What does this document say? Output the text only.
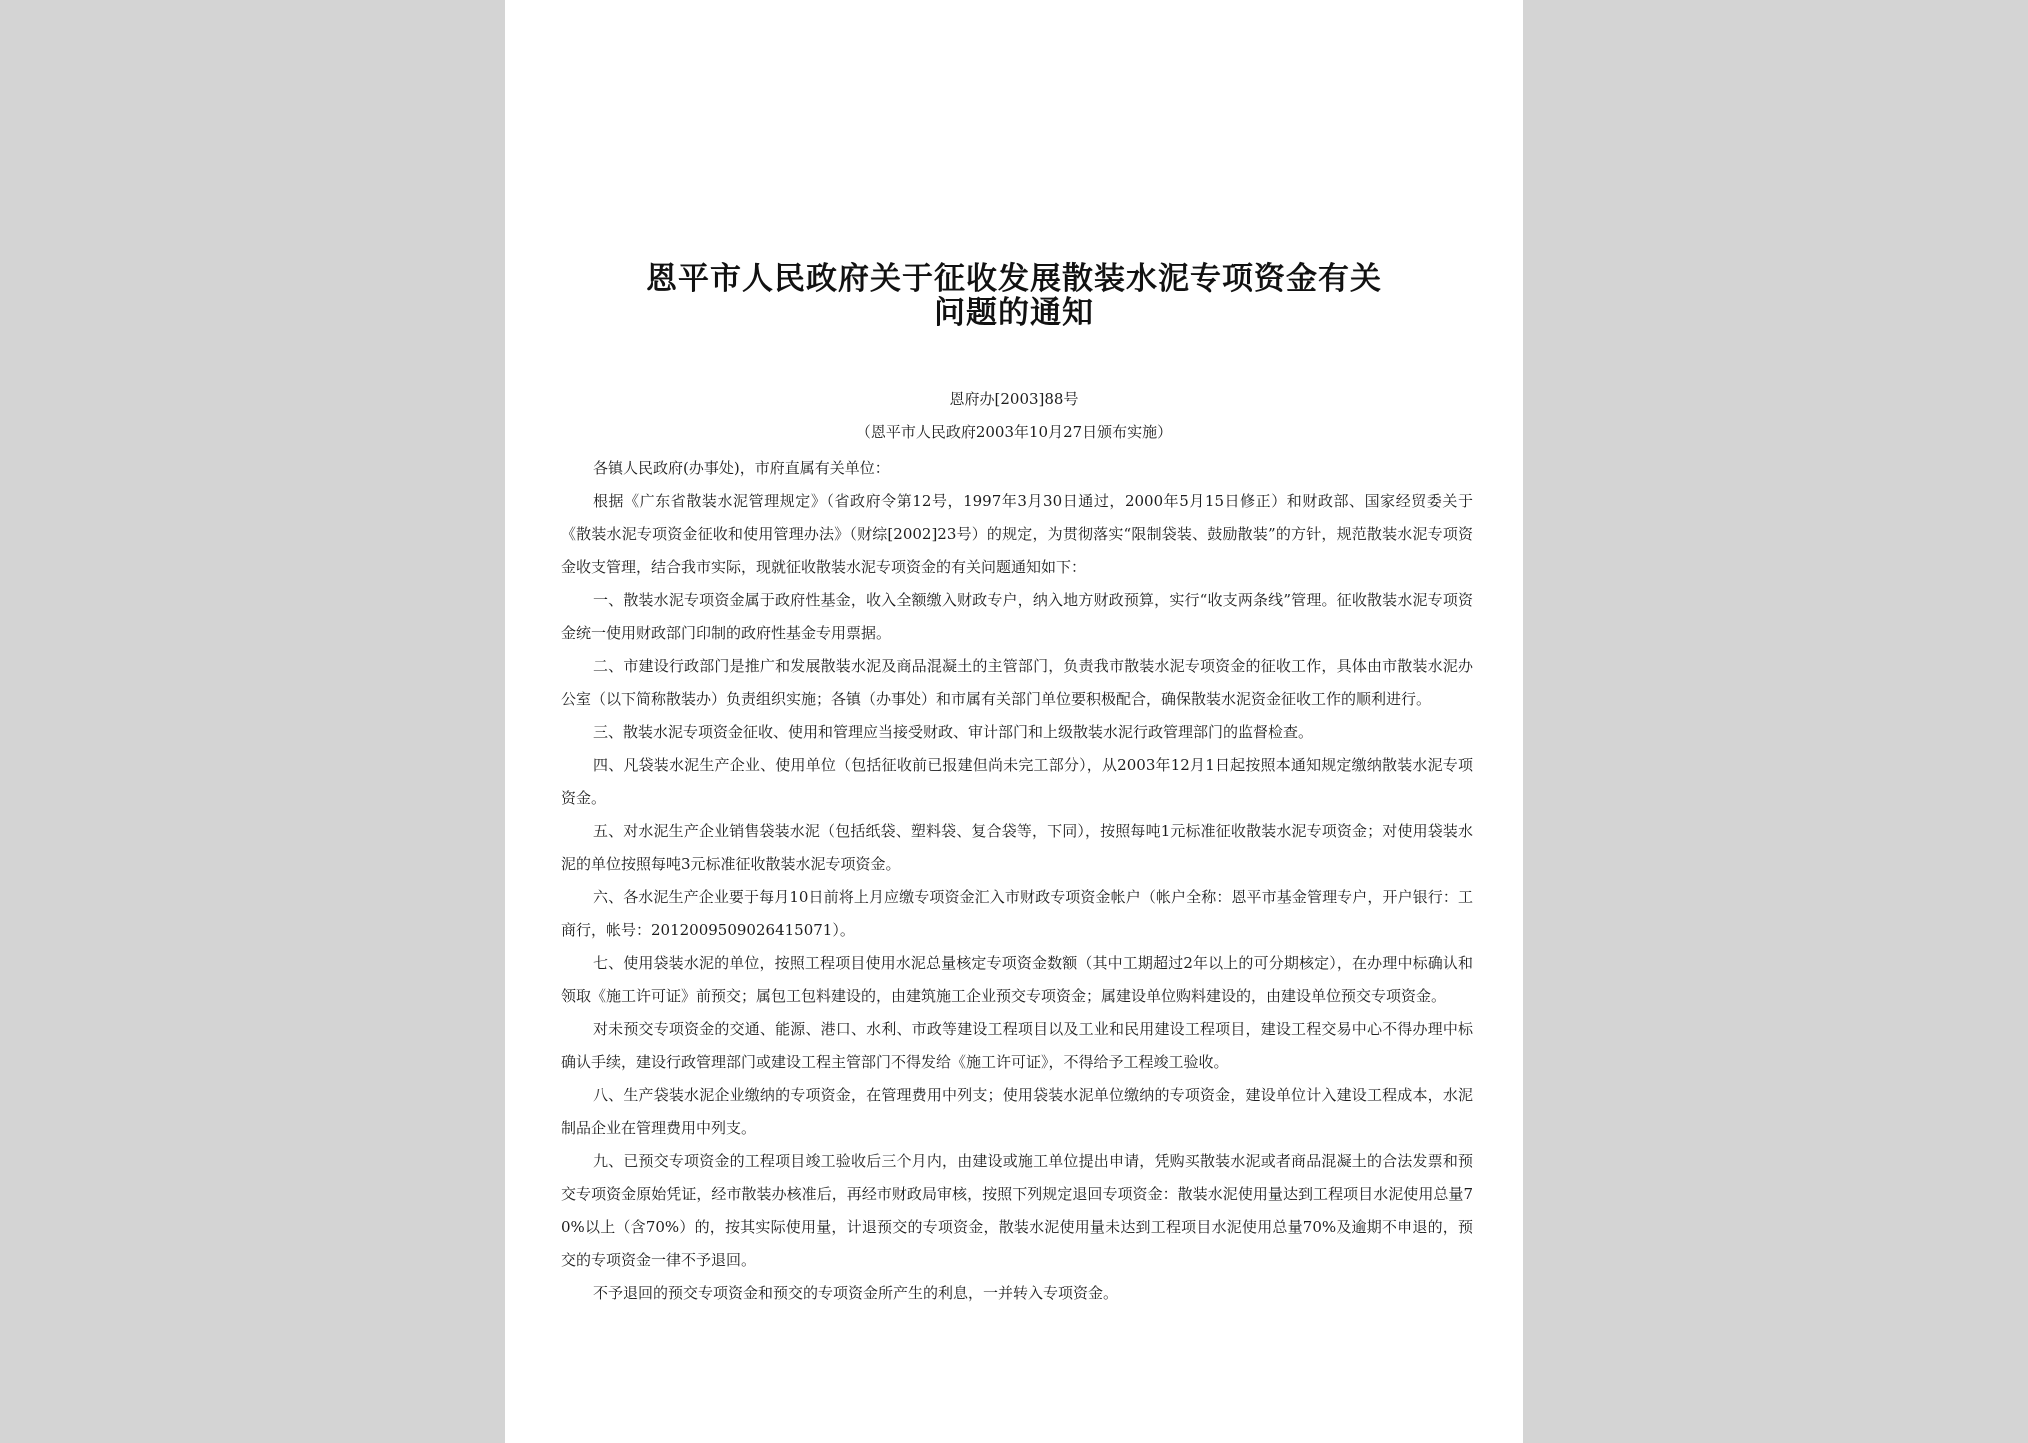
恩平市人民政府关于征收发展散装水泥专项资金有关
问题的通知
恩府办[2003]88号
（恩平市人民政府2003年10月27日颁布实施）

各镇人民政府(办事处)，市府直属有关单位：

根据《广东省散装水泥管理规定》（省政府令第12号，1997年3月30日通过，2000年5月15日修正）和财政部、国家经贸委关于《散装水泥专项资金征收和使用管理办法》（财综[2002]23号）的规定，为贯彻落实“限制袋装、鼓励散装”的方针，规范散装水泥专项资金收支管理，结合我市实际，现就征收散装水泥专项资金的有关问题通知如下：

一、散装水泥专项资金属于政府性基金，收入全额缴入财政专户，纳入地方财政预算，实行“收支两条线”管理。征收散装水泥专项资金统一使用财政部门印制的政府性基金专用票据。

二、市建设行政部门是推广和发展散装水泥及商品混凝土的主管部门，负责我市散装水泥专项资金的征收工作，具体由市散装水泥办公室（以下简称散装办）负责组织实施；各镇（办事处）和市属有关部门单位要积极配合，确保散装水泥资金征收工作的顺利进行。

三、散装水泥专项资金征收、使用和管理应当接受财政、审计部门和上级散装水泥行政管理部门的监督检查。

四、凡袋装水泥生产企业、使用单位（包括征收前已报建但尚未完工部分），从2003年12月1日起按照本通知规定缴纳散装水泥专项资金。

五、对水泥生产企业销售袋装水泥（包括纸袋、塑料袋、复合袋等，下同），按照每吨1元标准征收散装水泥专项资金；对使用袋装水泥的单位按照每吨3元标准征收散装水泥专项资金。

六、各水泥生产企业要于每月10日前将上月应缴专项资金汇入市财政专项资金帐户（帐户全称：恩平市基金管理专户，开户银行：工商行，帐号：2012009509026415071）。

七、使用袋装水泥的单位，按照工程项目使用水泥总量核定专项资金数额（其中工期超过2年以上的可分期核定），在办理中标确认和领取《施工许可证》前预交；属包工包料建设的，由建筑施工企业预交专项资金；属建设单位购料建设的，由建设单位预交专项资金。

对未预交专项资金的交通、能源、港口、水利、市政等建设工程项目以及工业和民用建设工程项目，建设工程交易中心不得办理中标确认手续，建设行政管理部门或建设工程主管部门不得发给《施工许可证》，不得给予工程竣工验收。

八、生产袋装水泥企业缴纳的专项资金，在管理费用中列支；使用袋装水泥单位缴纳的专项资金，建设单位计入建设工程成本，水泥制品企业在管理费用中列支。

九、已预交专项资金的工程项目竣工验收后三个月内，由建设或施工单位提出申请，凭购买散装水泥或者商品混凝土的合法发票和预交专项资金原始凭证，经市散装办核准后，再经市财政局审核，按照下列规定退回专项资金：散装水泥使用量达到工程项目水泥使用总量70%以上（含70%）的，按其实际使用量，计退预交的专项资金，散装水泥使用量未达到工程项目水泥使用总量70%及逾期不申退的，预交的专项资金一律不予退回。

不予退回的预交专项资金和预交的专项资金所产生的利息，一并转入专项资金。
